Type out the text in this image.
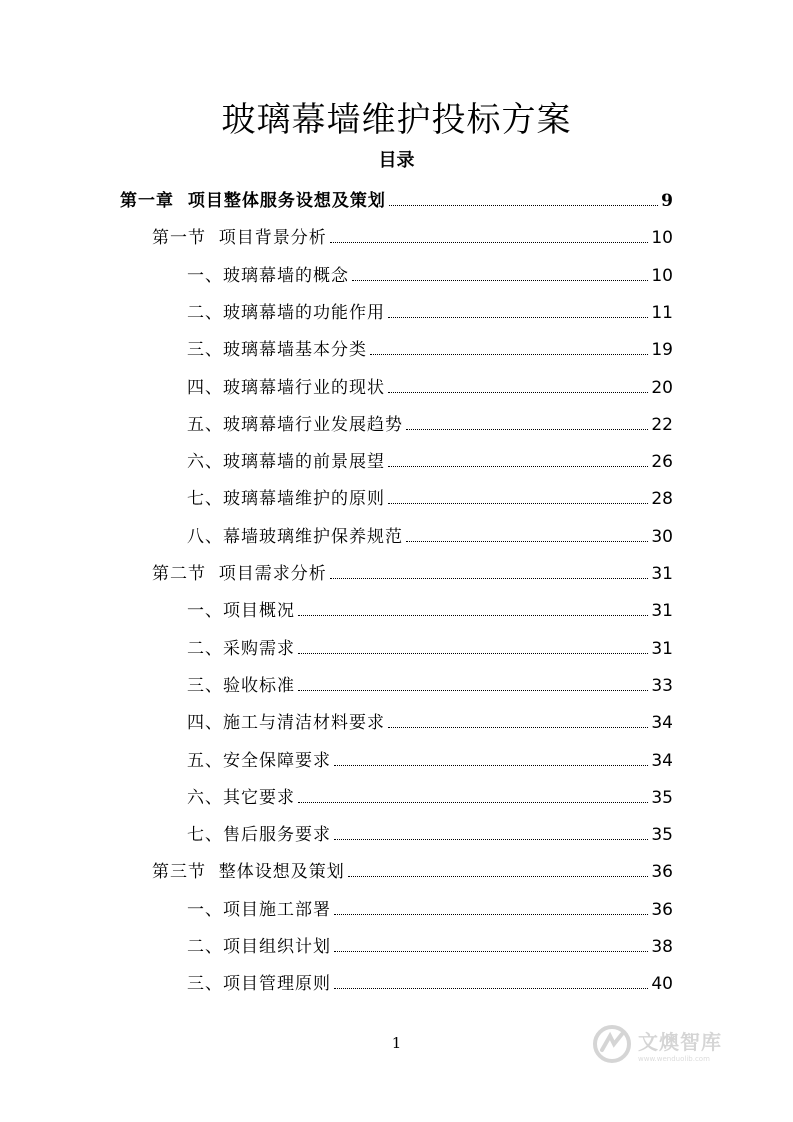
玻璃幕墙维护投标方案
目录
第一章  项目整体服务设想及策划	9
第一节  项目背景分析	10
一、玻璃幕墙的概念	10
二、玻璃幕墙的功能作用	11
三、玻璃幕墙基本分类	19
四、玻璃幕墙行业的现状	20
五、玻璃幕墙行业发展趋势	22
六、玻璃幕墙的前景展望	26
七、玻璃幕墙维护的原则	28
八、幕墙玻璃维护保养规范	30
第二节  项目需求分析	31
一、项目概况	31
二、采购需求	31
三、验收标准	33
四、施工与清洁材料要求	34
五、安全保障要求	34
六、其它要求	35
七、售后服务要求	35
第三节  整体设想及策划	36
一、项目施工部署	36
二、项目组织计划	38
三、项目管理原则	40
1	文燠智库
www.wenduolib.com
